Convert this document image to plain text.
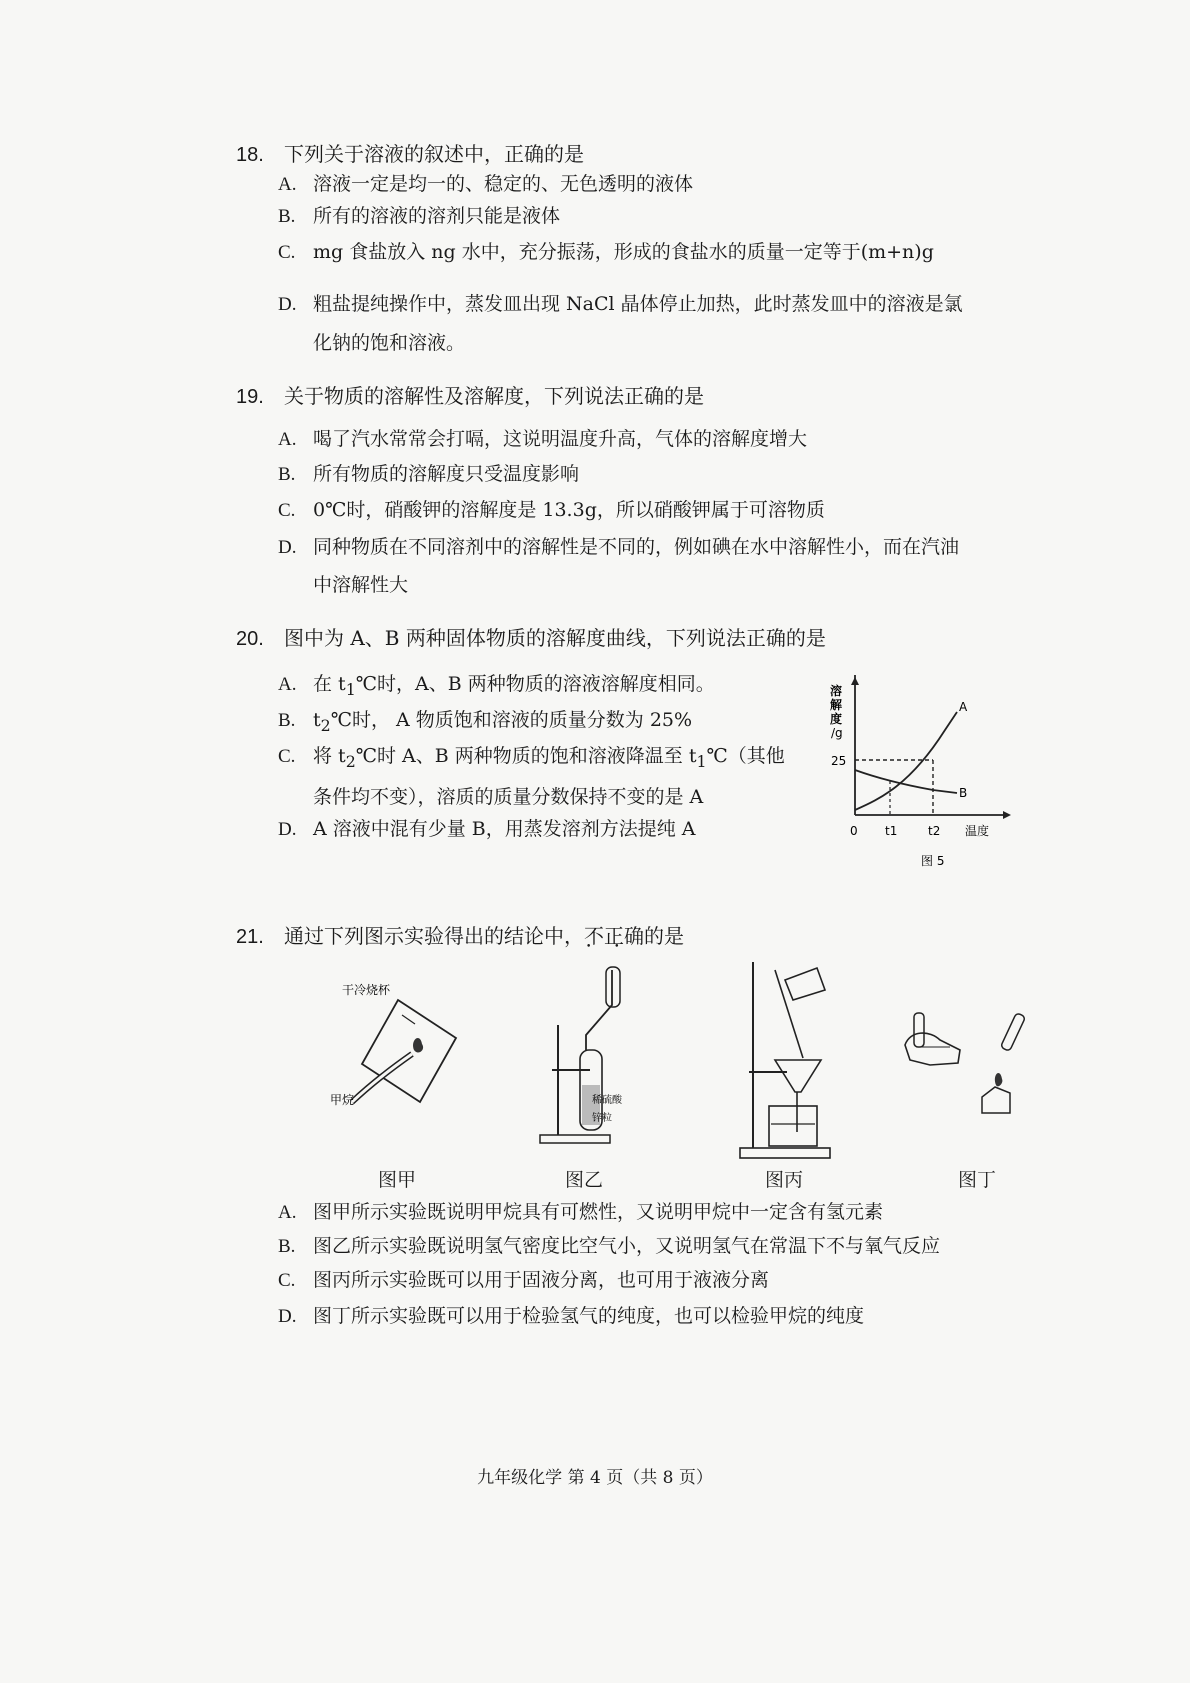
18. 下列关于溶液的叙述中，正确的是
A. 溶液一定是均一的、稳定的、无色透明的液体
B. 所有的溶液的溶剂只能是液体
C. mg 食盐放入 ng 水中，充分振荡，形成的食盐水的质量一定等于(m+n)g
D. 粗盐提纯操作中，蒸发皿出现 NaCl 晶体停止加热，此时蒸发皿中的溶液是氯
化钠的饱和溶液。
19. 关于物质的溶解性及溶解度，下列说法正确的是
A. 喝了汽水常常会打嗝，这说明温度升高，气体的溶解度增大
B. 所有物质的溶解度只受温度影响
C. 0℃时，硝酸钾的溶解度是 13.3g，所以硝酸钾属于可溶物质
D. 同种物质在不同溶剂中的溶解性是不同的，例如碘在水中溶解性小，而在汽油
中溶解性大
20. 图中为 A、B 两种固体物质的溶解度曲线，下列说法正确的是
A. 在 $t_1℃$时，A、B 两种物质的溶液溶解度相同。
B. $t_2℃$时， A 物质饱和溶液的质量分数为 25%
C. 将 $t_2℃$时 A、B 两种物质的饱和溶液降温至 $t_1℃$（其他
条件均不变），溶质的质量分数保持不变的是 A
D. A 溶液中混有少量 B，用蒸发溶剂方法提纯 A
溶
解
度
/g
25
0 t1	t2 温度
A
B
图 5
21. 通过下列图示实验得出的结论中，不正确 • •的是
干冷烧杯
甲烷
图甲
稀硫酸
锌粒
图乙	图丙	图丁
A. 图甲所示实验既说明甲烷具有可燃性，又说明甲烷中一定含有氢元素
B. 图乙所示实验既说明氢气密度比空气小，又说明氢气在常温下不与氧气反应
C. 图丙所示实验既可以用于固液分离，也可用于液液分离
D. 图丁所示实验既可以用于检验氢气的纯度，也可以检验甲烷的纯度
九年级化学 第 4 页（共 8 页）
